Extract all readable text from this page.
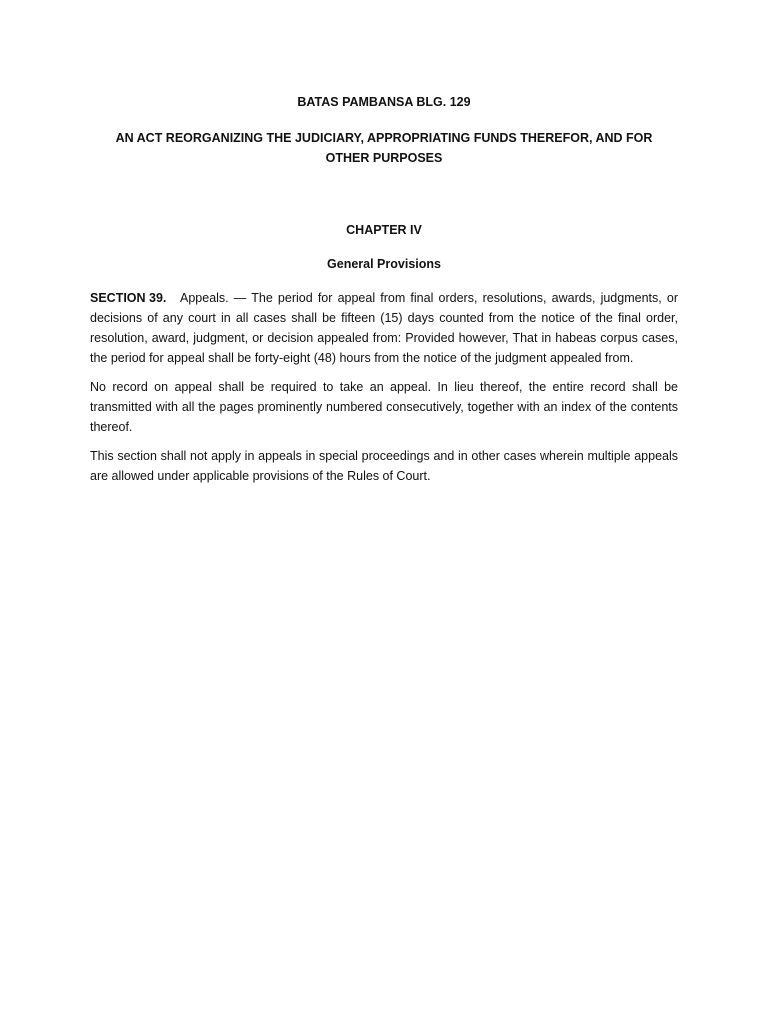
BATAS PAMBANSA BLG. 129

AN ACT REORGANIZING THE JUDICIARY, APPROPRIATING FUNDS THEREFOR, AND FOR OTHER PURPOSES

CHAPTER IV

General Provisions

SECTION 39. Appeals. — The period for appeal from final orders, resolutions, awards, judgments, or decisions of any court in all cases shall be fifteen (15) days counted from the notice of the final order, resolution, award, judgment, or decision appealed from: Provided however, That in habeas corpus cases, the period for appeal shall be forty-eight (48) hours from the notice of the judgment appealed from.

No record on appeal shall be required to take an appeal. In lieu thereof, the entire record shall be transmitted with all the pages prominently numbered consecutively, together with an index of the contents thereof.

This section shall not apply in appeals in special proceedings and in other cases wherein multiple appeals are allowed under applicable provisions of the Rules of Court.
